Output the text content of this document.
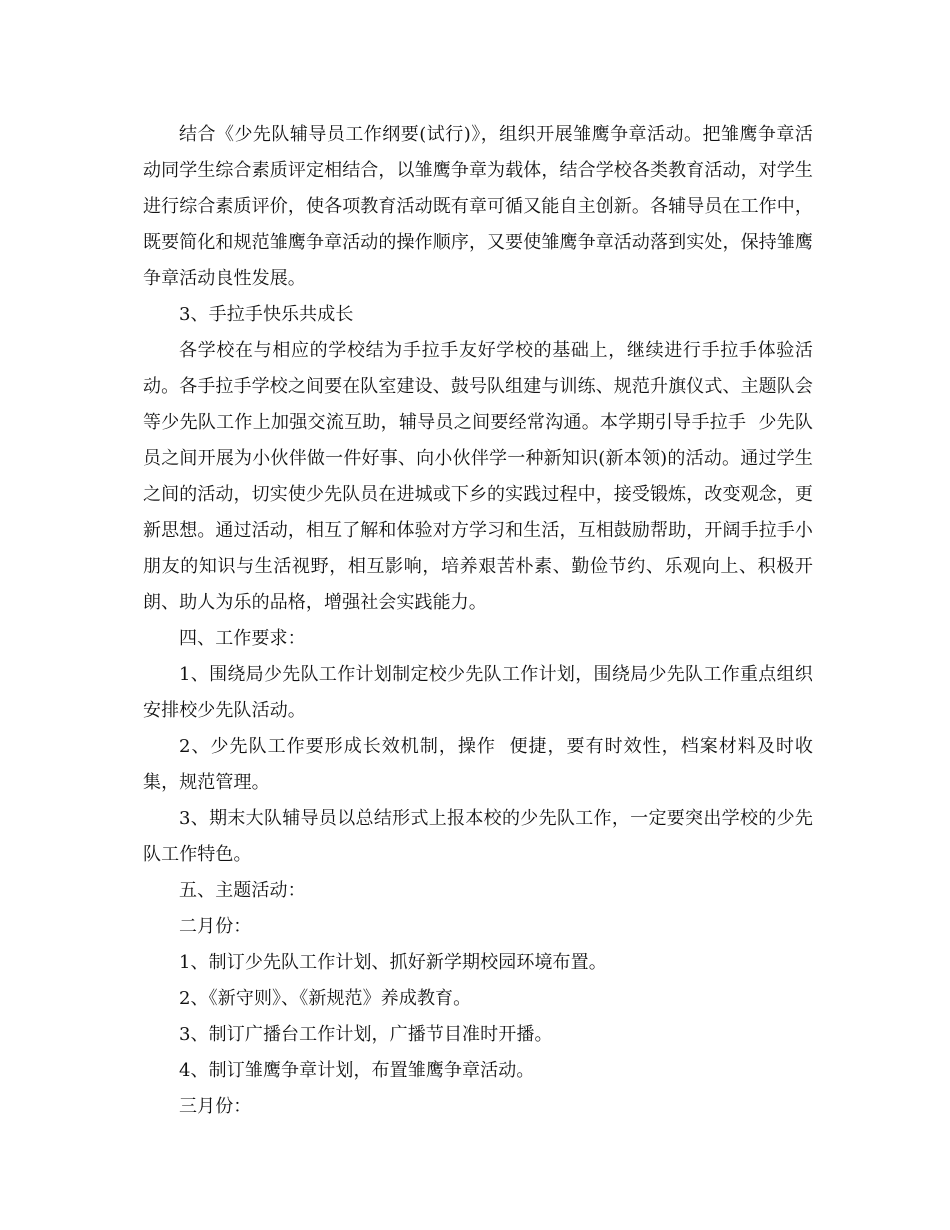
结合《少先队辅导员工作纲要(试行)》，组织开展雏鹰争章活动。把雏鹰争章活动同学生综合素质评定相结合，以雏鹰争章为载体，结合学校各类教育活动，对学生进行综合素质评价，使各项教育活动既有章可循又能自主创新。各辅导员在工作中，既要简化和规范雏鹰争章活动的操作顺序，又要使雏鹰争章活动落到实处，保持雏鹰争章活动良性发展。

3、手拉手快乐共成长

各学校在与相应的学校结为手拉手友好学校的基础上，继续进行手拉手体验活动。各手拉手学校之间要在队室建设、鼓号队组建与训练、规范升旗仪式、主题队会等少先队工作上加强交流互助，辅导员之间要经常沟通。本学期引导手拉手  少先队员之间开展为小伙伴做一件好事、向小伙伴学一种新知识(新本领)的活动。通过学生之间的活动，切实使少先队员在进城或下乡的实践过程中，接受锻炼，改变观念，更新思想。通过活动，相互了解和体验对方学习和生活，互相鼓励帮助，开阔手拉手小朋友的知识与生活视野，相互影响，培养艰苦朴素、勤俭节约、乐观向上、积极开朗、助人为乐的品格，增强社会实践能力。

四、工作要求：

1、围绕局少先队工作计划制定校少先队工作计划，围绕局少先队工作重点组织安排校少先队活动。

2、少先队工作要形成长效机制，操作  便捷，要有时效性，档案材料及时收集，规范管理。

3、期末大队辅导员以总结形式上报本校的少先队工作，一定要突出学校的少先队工作特色。

五、主题活动：

二月份：

1、制订少先队工作计划、抓好新学期校园环境布置。

2、《新守则》、《新规范》养成教育。

3、制订广播台工作计划，广播节目准时开播。

4、制订雏鹰争章计划，布置雏鹰争章活动。

三月份：
